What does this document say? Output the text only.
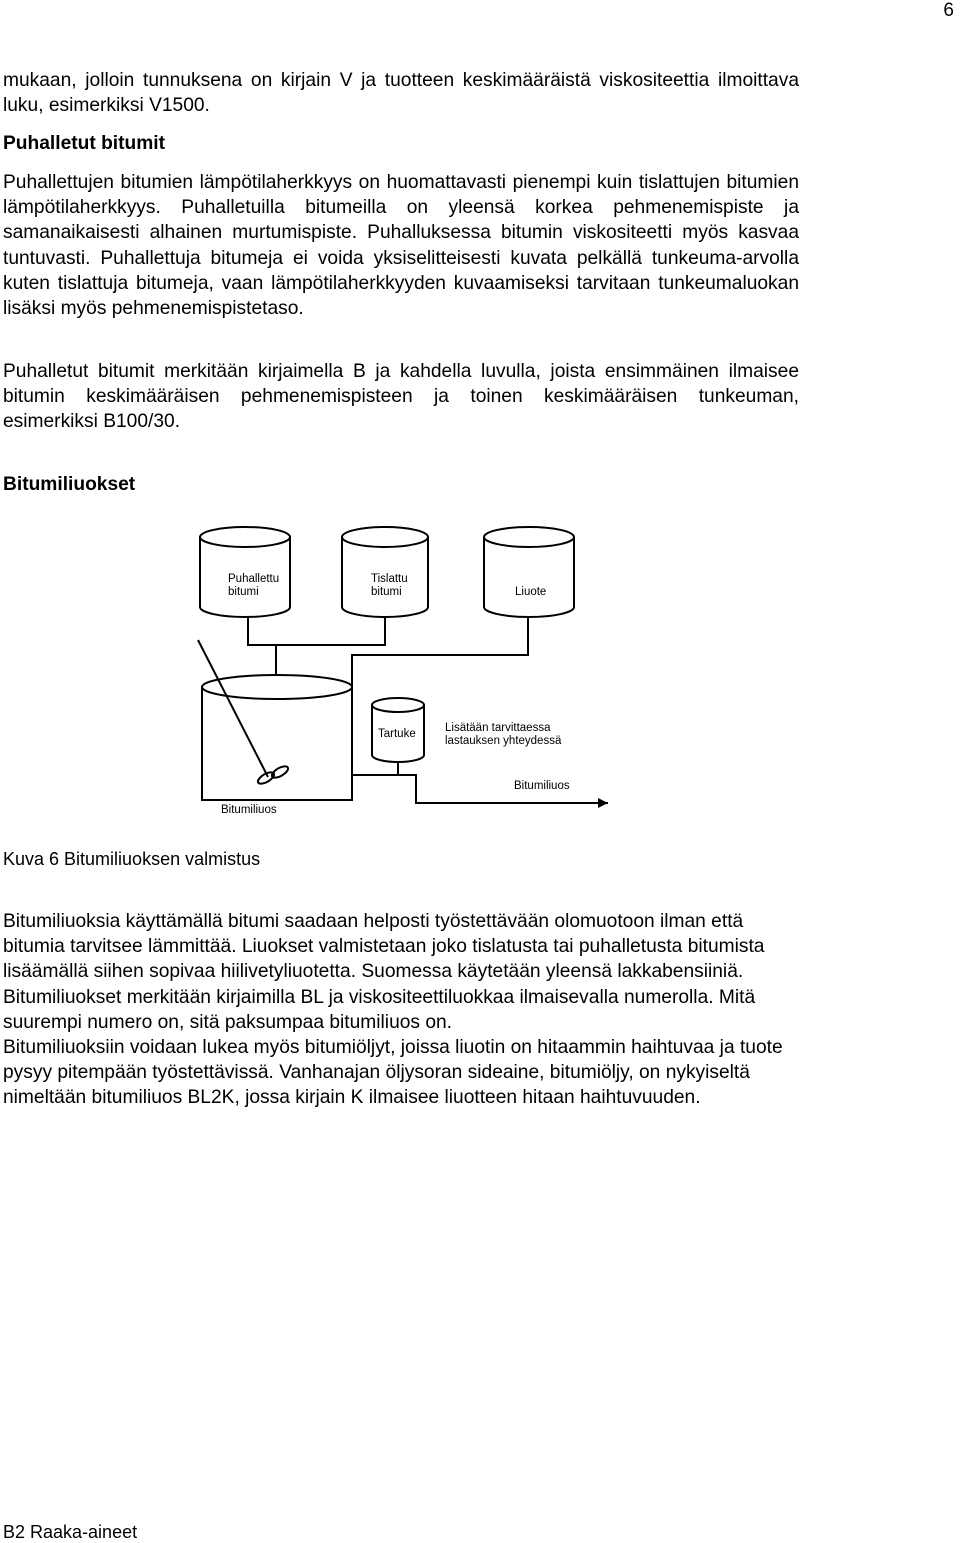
6

mukaan, jolloin tunnuksena on kirjain V ja tuotteen keskimääräistä viskositeettia ilmoittava luku, esimerkiksi V1500.

Puhalletut bitumit

Puhallettujen bitumien lämpötilaherkkyys on huomattavasti pienempi kuin tislattujen bitumien lämpötilaherkkyys. Puhalletuilla bitumeilla on yleensä korkea pehmenemispiste ja samanaikaisesti alhainen murtumispiste. Puhalluksessa bitumin viskositeetti myös kasvaa tuntuvasti. Puhallettuja bitumeja ei voida yksiselitteisesti kuvata pelkällä tunkeuma-arvolla kuten tislattuja bitumeja, vaan lämpötilaherkkyyden kuvaamiseksi tarvitaan tunkeumaluokan lisäksi myös pehmenemispistetaso.

Puhalletut bitumit merkitään kirjaimella B ja kahdella luvulla, joista ensimmäinen ilmaisee bitumin keskimääräisen pehmenemispisteen ja toinen keskimääräisen tunkeuman, esimerkiksi B100/30.

Bitumiliuokset
Puhallettu
bitumi
Tislattu
bitumi	Liuote
Tartuke	Lisätään tarvittaessa
lastauksen yhteydessä
Bitumiliuos
Bitumiliuos
Kuva 6 Bitumiliuoksen valmistus

Bitumiliuoksia käyttämällä bitumi saadaan helposti työstettävään olomuotoon ilman että bitumia tarvitsee lämmittää. Liuokset valmistetaan joko tislatusta tai puhalletusta bitumista lisäämällä siihen sopivaa hiilivetyliuotetta. Suomessa käytetään yleensä lakkabensiiniä.

Bitumiliuokset merkitään kirjaimilla BL ja viskositeettiluokkaa ilmaisevalla numerolla. Mitä suurempi numero on, sitä paksumpaa bitumiliuos on.

Bitumiliuoksiin voidaan lukea myös bitumiöljyt, joissa liuotin on hitaammin haihtuvaa ja tuote pysyy pitempään työstettävissä. Vanhanajan öljysoran sideaine, bitumiöljy, on nykyiseltä nimeltään bitumiliuos BL2K, jossa kirjain K ilmaisee liuotteen hitaan haihtuvuuden.

B2 Raaka-aineet
